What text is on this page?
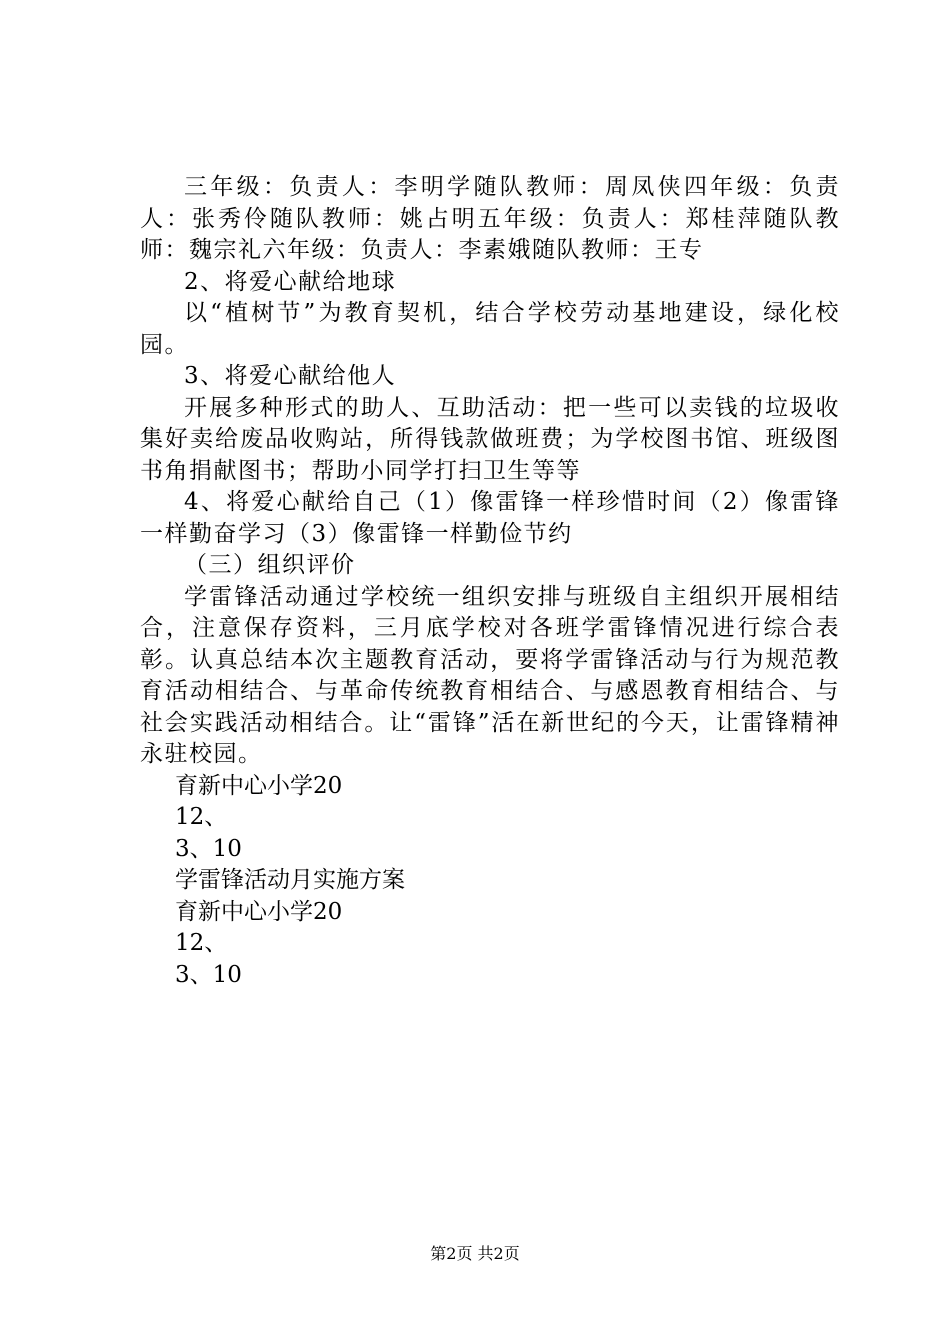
三年级：负责人：李明学随队教师：周凤侠四年级：负责人：张秀伶随队教师：姚占明五年级：负责人：郑桂萍随队教师：魏宗礼六年级：负责人：李素娥随队教师：王专

2、将爱心献给地球

以“植树节”为教育契机，结合学校劳动基地建设，绿化校园。

3、将爱心献给他人

开展多种形式的助人、互助活动：把一些可以卖钱的垃圾收集好卖给废品收购站，所得钱款做班费；为学校图书馆、班级图书角捐献图书；帮助小同学打扫卫生等等

4、将爱心献给自己（1）像雷锋一样珍惜时间（2）像雷锋一样勤奋学习（3）像雷锋一样勤俭节约

（三）组织评价

学雷锋活动通过学校统一组织安排与班级自主组织开展相结合，注意保存资料，三月底学校对各班学雷锋情况进行综合表彰。认真总结本次主题教育活动，要将学雷锋活动与行为规范教育活动相结合、与革命传统教育相结合、与感恩教育相结合、与社会实践活动相结合。让“雷锋”活在新世纪的今天，让雷锋精神永驻校园。

育新中心小学20

12、

3、10

学雷锋活动月实施方案

育新中心小学20

12、

3、10

第2页 共2页
